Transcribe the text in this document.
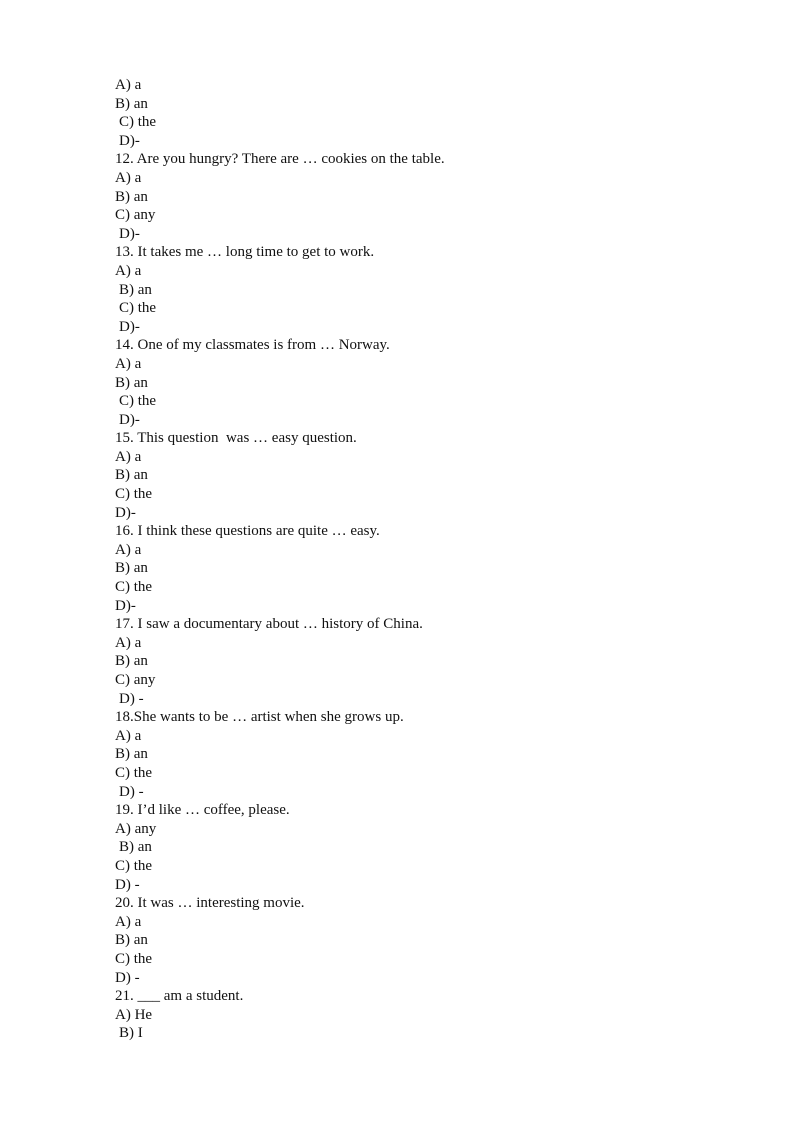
A) a
B) an
C) the
D)-
12. Are you hungry? There are … cookies on the table.
A) a
B) an
C) any
D)-
13. It takes me … long time to get to work.
A) a
B) an
C) the
D)-
14. One of my classmates is from … Norway.
A) a
B) an
C) the
D)-
15. This question  was … easy question.
A) a
B) an
C) the
D)-
16. I think these questions are quite … easy.
A) a
B) an
C) the
D)-
17. I saw a documentary about … history of China.
A) a
B) an
C) any
D) -
18.She wants to be … artist when she grows up.
A) a
B) an
C) the
D) -
19. I’d like … coffee, please.
A) any
B) an
C) the
D) -
20. It was … interesting movie.
A) a
B) an
C) the
D) -
21. ___ am a student.
A) He
B) I
